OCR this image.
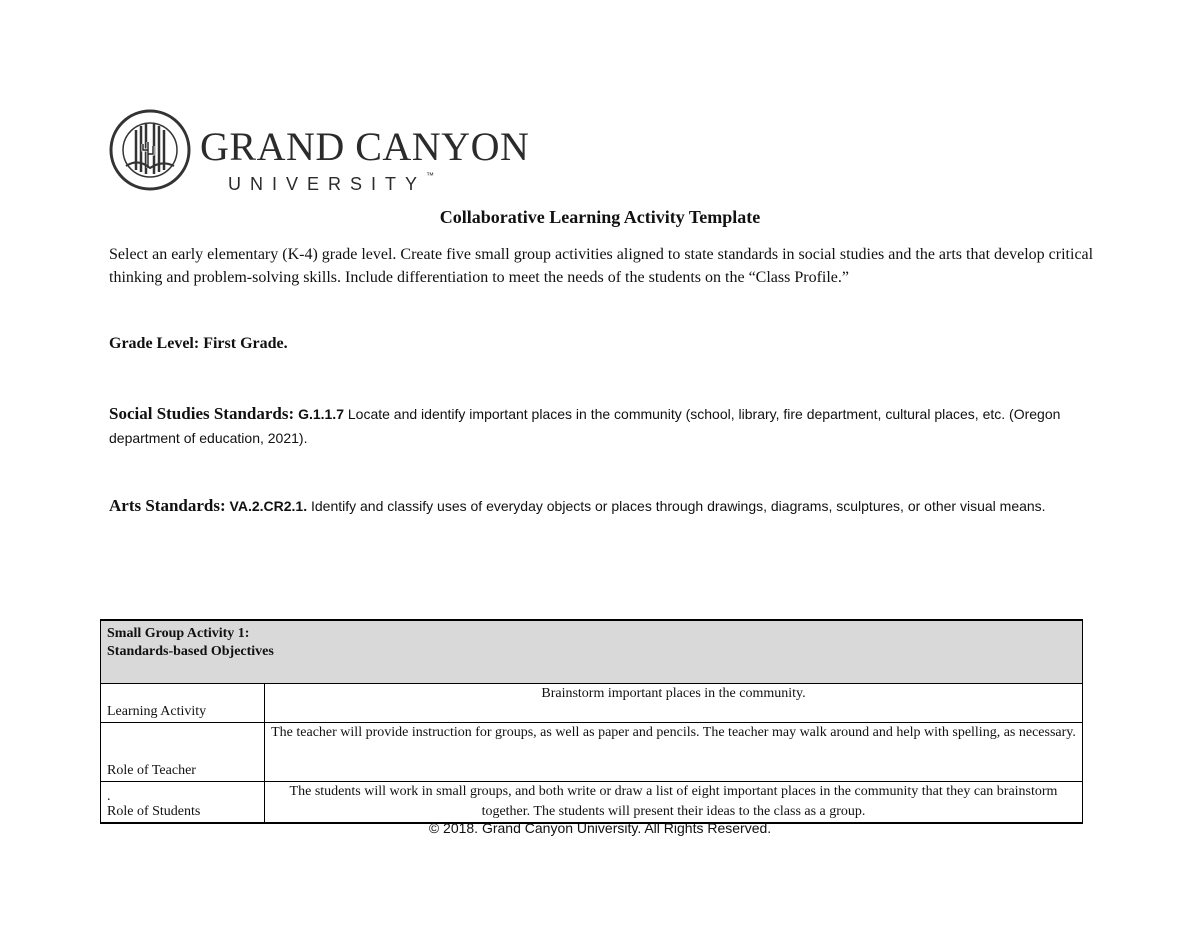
GRAND CANYON
UNIVERSITY ™
Collaborative Learning Activity Template

Select an early elementary (K-4) grade level. Create five small group activities aligned to state standards in social studies and the arts that develop critical thinking and problem-solving skills. Include differentiation to meet the needs of the students on the “Class Profile.”

Grade Level: First Grade.
Social Studies Standards: G.1.1.7 Locate and identify important places in the community (school, library, fire department, cultural places, etc. (Oregon department of education, 2021).
Arts Standards: VA.2.CR2.1. Identify and classify uses of everyday objects or places through drawings, diagrams, sculptures, or other visual means.
Small Group Activity 1:
Standards-based Objectives	

Learning Activity	Brainstorm important places in the community.
Role of Teacher	The teacher will provide instruction for groups, as well as paper and pencils. The teacher may walk around and help with spelling, as necessary.

.
Role of Students	The students will work in small groups, and both write or draw a list of eight important places in the community that they can brainstorm together. The students will present their ideas to the class as a group.
© 2018. Grand Canyon University. All Rights Reserved.
